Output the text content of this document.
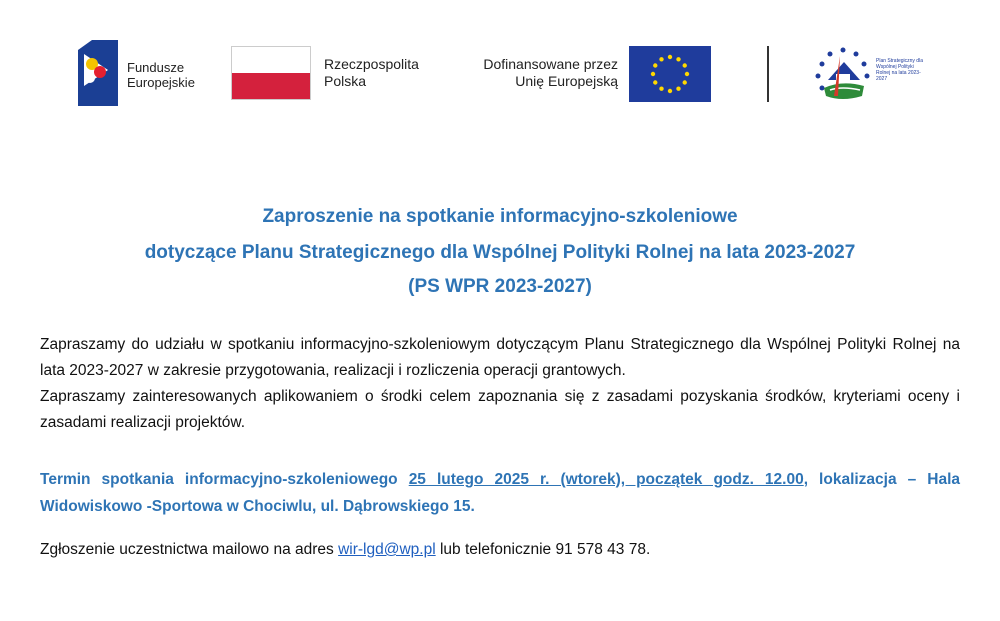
Fundusze
Europejskie
Rzeczpospolita
Polska
Dofinansowane przez
Unię Europejską
Plan Strategiczny dla Wspólnej Polityki Rolnej na lata 2023-2027
Zaproszenie na spotkanie informacyjno-szkoleniowe
dotyczące Planu Strategicznego dla Wspólnej Polityki Rolnej na lata 2023-2027
(PS WPR 2023-2027)
Zapraszamy do udziału w spotkaniu informacyjno-szkoleniowym dotyczącym Planu Strategicznego dla Wspólnej Polityki Rolnej na lata 2023-2027 w zakresie przygotowania, realizacji i rozliczenia operacji grantowych.
Zapraszamy zainteresowanych aplikowaniem o środki celem zapoznania się z zasadami pozyskania środków, kryteriami oceny i zasadami realizacji projektów.
Termin spotkania informacyjno-szkoleniowego 25 lutego 2025 r. (wtorek), początek godz. 12.00, lokalizacja – Hala Widowiskowo -Sportowa w Chociwlu, ul. Dąbrowskiego 15.
Zgłoszenie uczestnictwa mailowo na adres wir-lgd@wp.pl lub telefonicznie 91 578 43 78.
